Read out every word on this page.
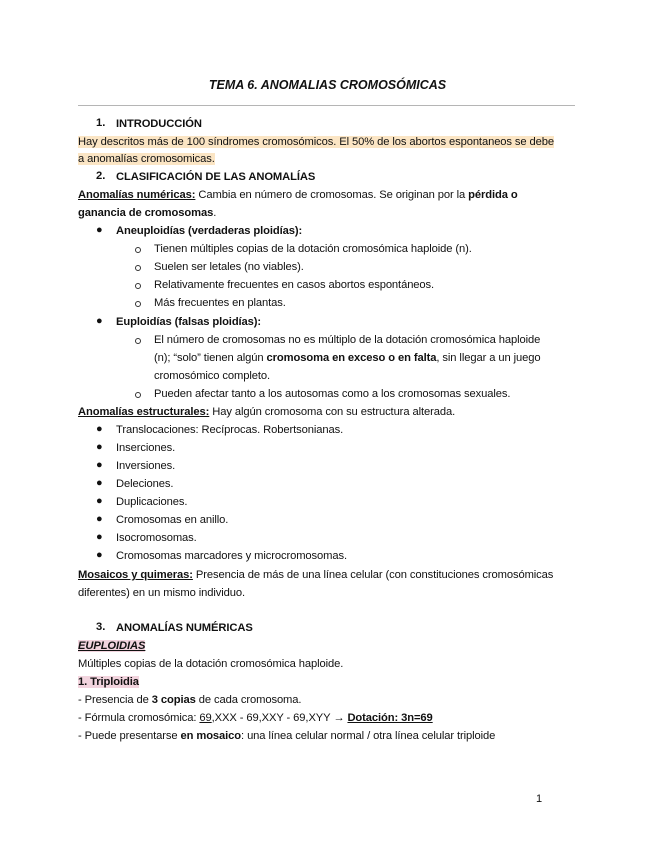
TEMA 6. ANOMALIAS CROMOSÓMICAS
1. INTRODUCCIÓN
Hay descritos más de 100 síndromes cromosómicos. El 50% de los abortos espontaneos se debe
a anomalías cromosomicas.
2. CLASIFICACIÓN DE LAS ANOMALÍAS
Anomalías numéricas: Cambia en número de cromosomas. Se originan por la pérdida o
ganancia de cromosomas.
● Aneuploidías (verdaderas ploidías):
Tienen múltiples copias de la dotación cromosómica haploide (n).
Suelen ser letales (no viables).
Relativamente frecuentes en casos abortos espontáneos.
Más frecuentes en plantas.
● Euploidías (falsas ploidías):
El número de cromosomas no es múltiplo de la dotación cromosómica haploide
(n); “solo” tienen algún cromosoma en exceso o en falta, sin llegar a un juego
cromosómico completo.
Pueden afectar tanto a los autosomas como a los cromosomas sexuales.
Anomalías estructurales: Hay algún cromosoma con su estructura alterada.
● Translocaciones: Recíprocas. Robertsonianas.
● Inserciones.
● Inversiones.
● Deleciones.
● Duplicaciones.
● Cromosomas en anillo.
● Isocromosomas.
● Cromosomas marcadores y microcromosomas.
Mosaicos y quimeras: Presencia de más de una línea celular (con constituciones cromosómicas
diferentes) en un mismo individuo.
3. ANOMALÍAS NUMÉRICAS
EUPLOIDIAS
Múltiples copias de la dotación cromosómica haploide.
1. Triploidia
- Presencia de 3 copias de cada cromosoma.
- Fórmula cromosómica: 69,XXX - 69,XXY - 69,XYY → Dotación: 3n=69
- Puede presentarse en mosaico: una línea celular normal / otra línea celular triploide
1
